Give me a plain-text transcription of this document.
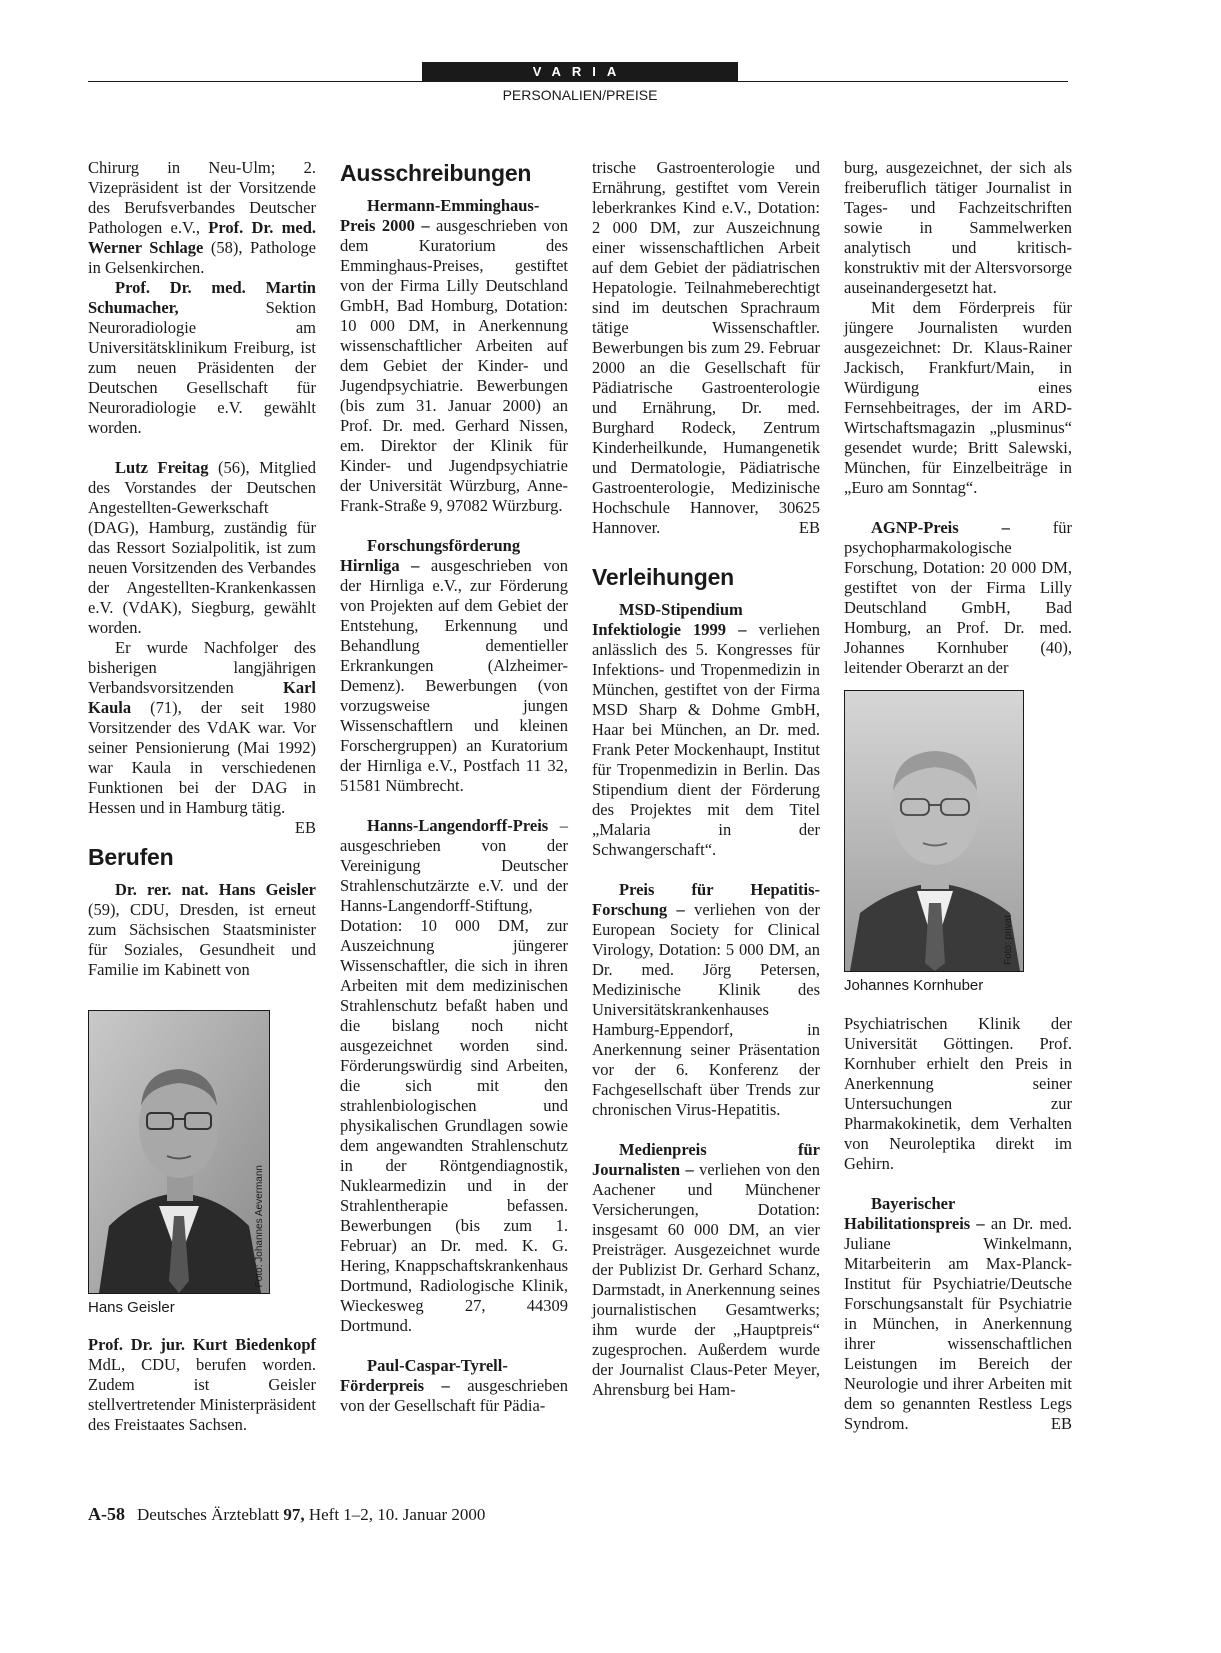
VARIA
PERSONALIEN/PREISE

Chirurg in Neu-Ulm; 2. Vizepräsident ist der Vorsitzende des Berufsverbandes Deutscher Pathologen e.V., Prof. Dr. med. Werner Schlage (58), Pathologe in Gelsenkirchen.

Prof. Dr. med. Martin Schumacher, Sektion Neuroradiologie am Universitätsklinikum Freiburg, ist zum neuen Präsidenten der Deutschen Gesellschaft für Neuroradiologie e.V. gewählt worden.

Lutz Freitag (56), Mitglied des Vorstandes der Deutschen Angestellten-Gewerkschaft (DAG), Hamburg, zuständig für das Ressort Sozialpolitik, ist zum neuen Vorsitzenden des Verbandes der Angestellten-Krankenkassen e.V. (VdAK), Siegburg, gewählt worden.

Er wurde Nachfolger des bisherigen langjährigen Verbandsvorsitzenden Karl Kaula (71), der seit 1980 Vorsitzender des VdAK war. Vor seiner Pensionierung (Mai 1992) war Kaula in verschiedenen Funktionen bei der DAG in Hessen und in Hamburg tätig.
EB

Berufen

Dr. rer. nat. Hans Geisler (59), CDU, Dresden, ist erneut zum Sächsischen Staatsminister für Soziales, Gesundheit und Familie im Kabinett von

Foto: Johannes Aevermann
Hans Geisler

Prof. Dr. jur. Kurt Biedenkopf MdL, CDU, berufen worden. Zudem ist Geisler stellvertretender Ministerpräsident des Freistaates Sachsen.

Ausschreibungen

Hermann-Emminghaus-Preis 2000 – ausgeschrieben von dem Kuratorium des Emminghaus-Preises, gestiftet von der Firma Lilly Deutschland GmbH, Bad Homburg, Dotation: 10 000 DM, in Anerkennung wissenschaftlicher Arbeiten auf dem Gebiet der Kinder- und Jugendpsychiatrie. Bewerbungen (bis zum 31. Januar 2000) an Prof. Dr. med. Gerhard Nissen, em. Direktor der Klinik für Kinder- und Jugendpsychiatrie der Universität Würzburg, Anne-Frank-Straße 9, 97082 Würzburg.

Forschungsförderung Hirnliga – ausgeschrieben von der Hirnliga e.V., zur Förderung von Projekten auf dem Gebiet der Entstehung, Erkennung und Behandlung dementieller Erkrankungen (Alzheimer-Demenz). Bewerbungen (von vorzugsweise jungen Wissenschaftlern und kleinen Forschergruppen) an Kuratorium der Hirnliga e.V., Postfach 11 32, 51581 Nümbrecht.

Hanns-Langendorff-Preis – ausgeschrieben von der Vereinigung Deutscher Strahlenschutzärzte e.V. und der Hanns-Langendorff-Stiftung, Dotation: 10 000 DM, zur Auszeichnung jüngerer Wissenschaftler, die sich in ihren Arbeiten mit dem medizinischen Strahlenschutz befaßt haben und die bislang noch nicht ausgezeichnet worden sind. Förderungswürdig sind Arbeiten, die sich mit den strahlenbiologischen und physikalischen Grundlagen sowie dem angewandten Strahlenschutz in der Röntgendiagnostik, Nuklearmedizin und in der Strahlentherapie befassen. Bewerbungen (bis zum 1. Februar) an Dr. med. K. G. Hering, Knappschaftskrankenhaus Dortmund, Radiologische Klinik, Wieckesweg 27, 44309 Dortmund.

Paul-Caspar-Tyrell-Förderpreis – ausgeschrieben von der Gesellschaft für Pädia-

trische Gastroenterologie und Ernährung, gestiftet vom Verein leberkrankes Kind e.V., Dotation: 2 000 DM, zur Auszeichnung einer wissenschaftlichen Arbeit auf dem Gebiet der pädiatrischen Hepatologie. Teilnahmeberechtigt sind im deutschen Sprachraum tätige Wissenschaftler. Bewerbungen bis zum 29. Februar 2000 an die Gesellschaft für Pädiatrische Gastroenterologie und Ernährung, Dr. med. Burghard Rodeck, Zentrum Kinderheilkunde, Humangenetik und Dermatologie, Pädiatrische Gastroenterologie, Medizinische Hochschule Hannover, 30625 Hannover.	EB

Verleihungen

MSD-Stipendium Infektiologie 1999 – verliehen anlässlich des 5. Kongresses für Infektions- und Tropenmedizin in München, gestiftet von der Firma MSD Sharp & Dohme GmbH, Haar bei München, an Dr. med. Frank Peter Mockenhaupt, Institut für Tropenmedizin in Berlin. Das Stipendium dient der Förderung des Projektes mit dem Titel „Malaria in der Schwangerschaft“.

Preis für Hepatitis-Forschung – verliehen von der European Society for Clinical Virology, Dotation: 5 000 DM, an Dr. med. Jörg Petersen, Medizinische Klinik des Universitätskrankenhauses Hamburg-Eppendorf, in Anerkennung seiner Präsentation vor der 6. Konferenz der Fachgesellschaft über Trends zur chronischen Virus-Hepatitis.

Medienpreis für Journalisten – verliehen von den Aachener und Münchener Versicherungen, Dotation: insgesamt 60 000 DM, an vier Preisträger. Ausgezeichnet wurde der Publizist Dr. Gerhard Schanz, Darmstadt, in Anerkennung seines journalistischen Gesamtwerks; ihm wurde der „Hauptpreis“ zugesprochen. Außerdem wurde der Journalist Claus-Peter Meyer, Ahrensburg bei Ham-

burg, ausgezeichnet, der sich als freiberuflich tätiger Journalist in Tages- und Fachzeitschriften sowie in Sammelwerken analytisch und kritisch-konstruktiv mit der Altersvorsorge auseinandergesetzt hat.

Mit dem Förderpreis für jüngere Journalisten wurden ausgezeichnet: Dr. Klaus-Rainer Jackisch, Frankfurt/Main, in Würdigung eines Fernsehbeitrages, der im ARD-Wirtschaftsmagazin „plusminus“ gesendet wurde; Britt Salewski, München, für Einzelbeiträge in „Euro am Sonntag“.

AGNP-Preis – für psychopharmakologische Forschung, Dotation: 20 000 DM, gestiftet von der Firma Lilly Deutschland GmbH, Bad Homburg, an Prof. Dr. med. Johannes Kornhuber (40), leitender Oberarzt an der

Foto: privat
Johannes Kornhuber

Psychiatrischen Klinik der Universität Göttingen. Prof. Kornhuber erhielt den Preis in Anerkennung seiner Untersuchungen zur Pharmakokinetik, dem Verhalten von Neuroleptika direkt im Gehirn.

Bayerischer Habilitationspreis – an Dr. med. Juliane Winkelmann, Mitarbeiterin am Max-Planck-Institut für Psychiatrie/Deutsche Forschungsanstalt für Psychiatrie in München, in Anerkennung ihrer wissenschaftlichen Leistungen im Bereich der Neurologie und ihrer Arbeiten mit dem so genannten Restless Legs Syndrom.	EB

A-58 Deutsches Ärzteblatt 97, Heft 1–2, 10. Januar 2000
